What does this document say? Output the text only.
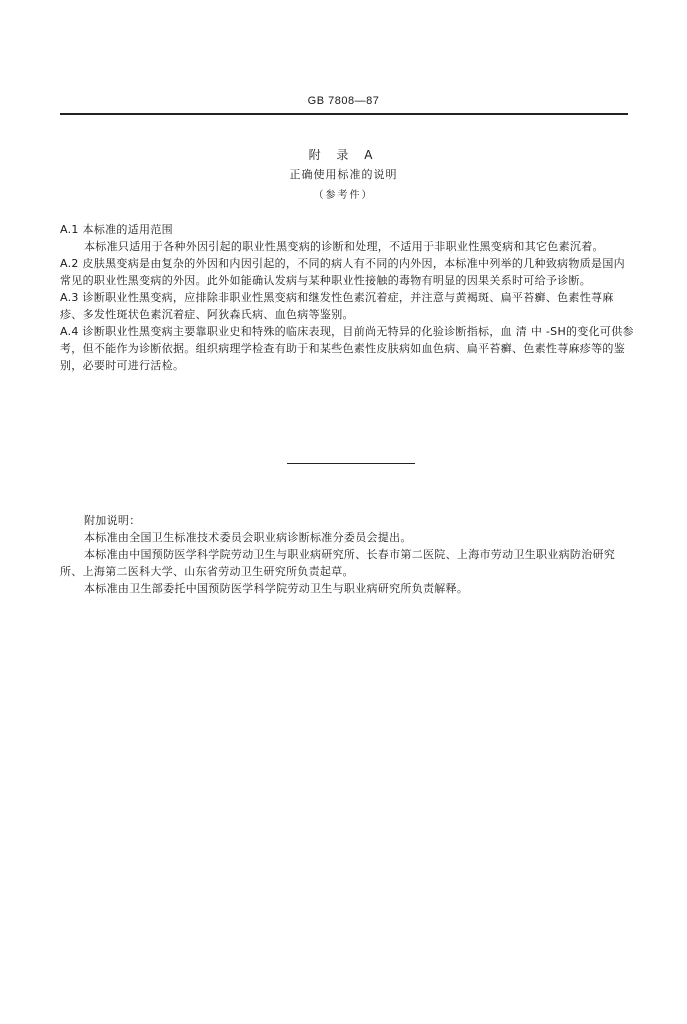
GB 7808—87
附 录 A
正确使用标准的说明
（参考件）

A.1 本标准的适用范围

本标准只适用于各种外因引起的职业性黑变病的诊断和处理，不适用于非职业性黑变病和其它色素沉着。

A.2 皮肤黑变病是由复杂的外因和内因引起的，不同的病人有不同的内外因，本标准中列举的几种致病物质是国内常见的职业性黑变病的外因。此外如能确认发病与某种职业性接触的毒物有明显的因果关系时可给予诊断。

A.3 诊断职业性黑变病，应排除非职业性黑变病和继发性色素沉着症，并注意与黄褐斑、扁平苔癣、色素性荨麻疹、多发性斑状色素沉着症、阿狄森氏病、血色病等鉴别。

A.4 诊断职业性黑变病主要靠职业史和特殊的临床表现，目前尚无特异的化验诊断指标，血 清 中 -SH的变化可供参考，但不能作为诊断依据。组织病理学检查有助于和某些色素性皮肤病如血色病、扁平苔癣、色素性荨麻疹等的鉴别，必要时可进行活检。

附加说明：

本标准由全国卫生标准技术委员会职业病诊断标准分委员会提出。

本标准由中国预防医学科学院劳动卫生与职业病研究所、长春市第二医院、上海市劳动卫生职业病防治研究所、上海第二医科大学、山东省劳动卫生研究所负责起草。

本标准由卫生部委托中国预防医学科学院劳动卫生与职业病研究所负责解释。
